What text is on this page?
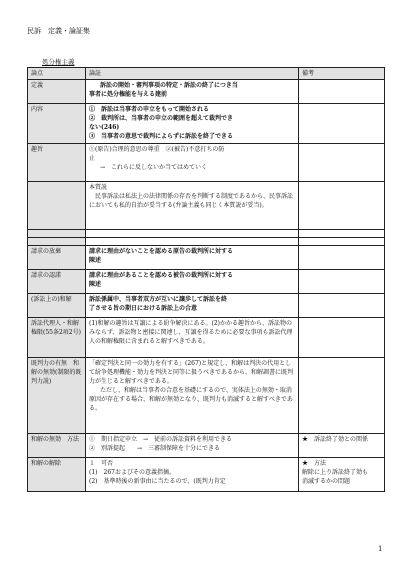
民訴　定義・論証集
処分権主義
論点	論証	備考
定義	訴訟の開始・審判事項の特定・訴訟の終了につき当
事者に処分権能を与える建前	

内容	①　訴訟は当事者の申立をもって開始される
②　裁判所は、当事者の申立の範囲を超えて裁判でき
ない(246)
③　当事者の意思で裁判によらずに訴訟を終了できる	

趣旨	①(原告)合理的意思の尊重　②(被告)不意打ちの防
止
→　これらに反しないか当てはめていく	

	本質説
民事訴訟は私法上の法律関係の存否を判断する制度であるから、民事訴訟においても私的自治が妥当する(弁論主義も同じく本質説が妥当)。	

請求の放棄	請求に理由がないことを認める原告の裁判所に対する
陳述	

請求の認諾	請求に理由があることを認める被告の裁判所に対する
陳述	

(訴訟上の)和解	訴訟係属中、当事者双方が互いに譲歩して訴訟を終
了させる旨の期日における訴訟上の合意	

訴訟代理人・和解権限(55条2項2号)	(1)和解の趣旨は互譲による紛争解決にある。(2)かかる趣旨から、訴訟物のみならず、訴訟物と密接に関連し、互譲を得るために必要な事項も訴訟代理人の和解権限に含まれると解すべきである。	
既判力の有無　和解の無効(制限的既判力説)	「確定判決と同一の効力を有する」(267)と規定し、和解は判決の代用として紛争処理機能・効力を判決と同等に扱うべきであるから、和解調書に既判力が生じると解すべきである。
ただし、和解は当事者の合意を基礎にするので、実体法上の無効・取消原因が存在する場合、和解が無効となり、既判力も消滅すると解すべきである。	

和解の無効　方法	①　期日指定申立　→　従前の訴訟資料を利用できる
②　別訴提起　　→　三審制保障を十分にできる	★　訴訟終了効との関係
和解の解除	１　可否
(1)　267およびその意義指摘。
(2)　基準時後の新事由に当たるので、(既判力肯定	★　方法
解除に上り訴訟終了効も
消滅するかの問題
1
